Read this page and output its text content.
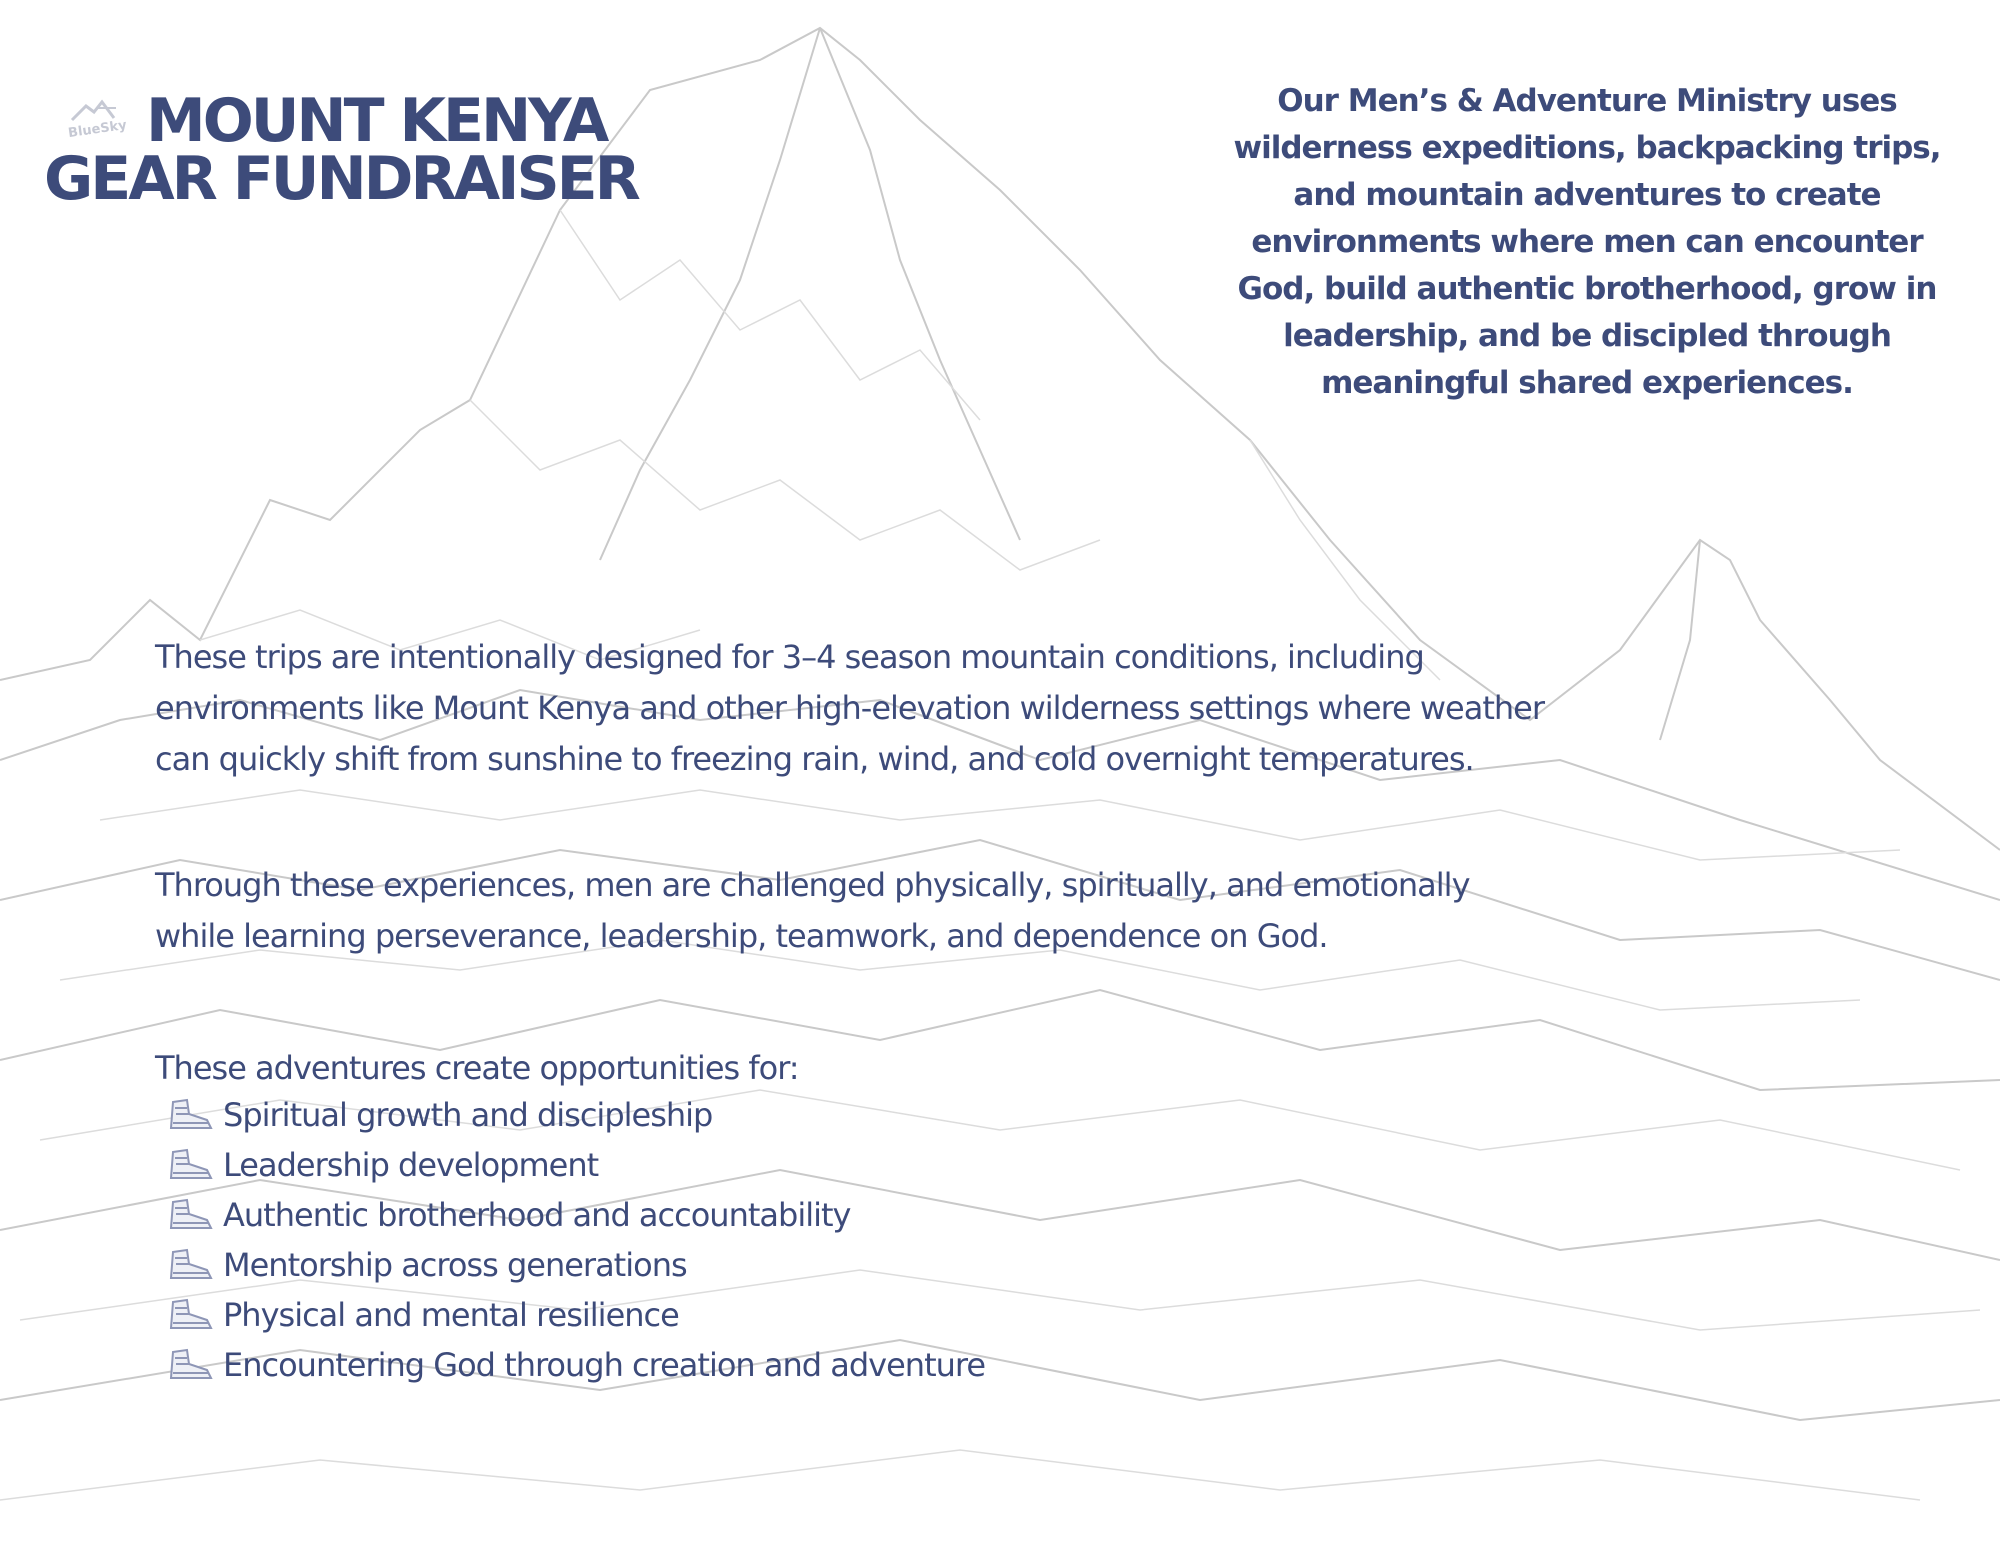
BlueSky MOUNT KENYA
GEAR FUNDRAISER

Our Men’s & Adventure Ministry uses wilderness expeditions, backpacking trips, and mountain adventures to create environments where men can encounter God, build authentic brotherhood, grow in leadership, and be discipled through meaningful shared experiences.

These trips are intentionally designed for 3–4 season mountain conditions, including environments like Mount Kenya and other high-elevation wilderness settings where weather can quickly shift from sunshine to freezing rain, wind, and cold overnight temperatures.

Through these experiences, men are challenged physically, spiritually, and emotionally while learning perseverance, leadership, teamwork, and dependence on God.

These adventures create opportunities for:

Spiritual growth and discipleship
Leadership development
Authentic brotherhood and accountability
Mentorship across generations
Physical and mental resilience
Encountering God through creation and adventure
